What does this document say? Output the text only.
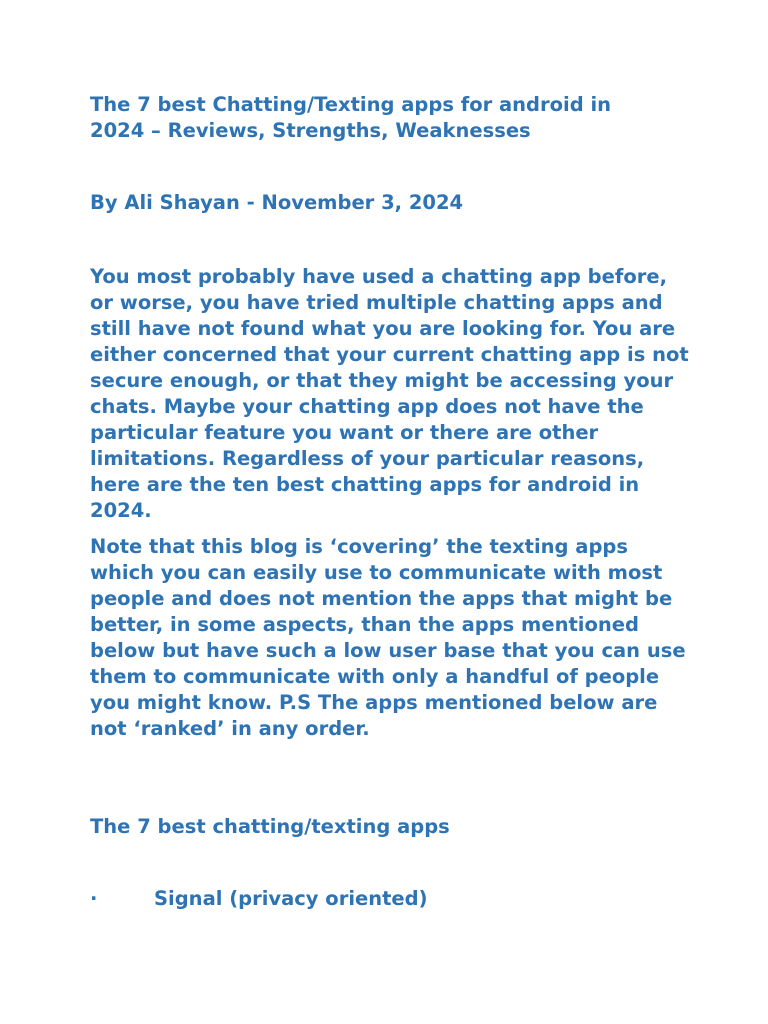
The 7 best Chatting/Texting apps for android in 2024 – Reviews, Strengths, Weaknesses

By Ali Shayan - November 3, 2024

You most probably have used a chatting app before, or worse, you have tried multiple chatting apps and still have not found what you are looking for. You are either concerned that your current chatting app is not secure enough, or that they might be accessing your chats. Maybe your chatting app does not have the particular feature you want or there are other limitations. Regardless of your particular reasons, here are the ten best chatting apps for android in 2024.

Note that this blog is ‘covering’ the texting apps which you can easily use to communicate with most people and does not mention the apps that might be better, in some aspects, than the apps mentioned below but have such a low user base that you can use them to communicate with only a handful of people you might know. P.S The apps mentioned below are not ‘ranked’ in any order.

The 7 best chatting/texting apps
·	Signal (privacy oriented)
